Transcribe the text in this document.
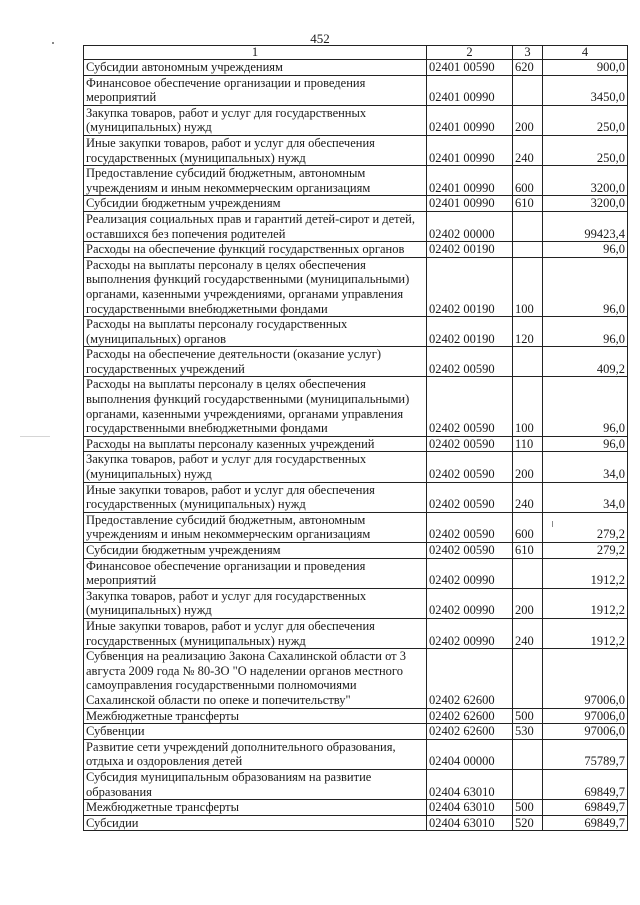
452
1	2	3	4
Субсидии автономным учреждениям	02401 00590	620	900,0
Финансовое обеспечение организации и проведения мероприятий	02401 00990		3450,0
Закупка товаров, работ и услуг для государственных (муниципальных) нужд	02401 00990	200	250,0
Иные закупки товаров, работ и услуг для обеспечения государственных (муниципальных) нужд	02401 00990	240	250,0
Предоставление субсидий бюджетным, автономным учреждениям и иным некоммерческим организациям	02401 00990	600	3200,0
Субсидии бюджетным учреждениям	02401 00990	610	3200,0
Реализация социальных прав и гарантий детей-сирот и детей, оставшихся без попечения родителей	02402 00000		99423,4
Расходы на обеспечение функций государственных органов	02402 00190		96,0
Расходы на выплаты персоналу в целях обеспечения выполнения функций государственными (муниципальными) органами, казенными учреждениями, органами управления государственными внебюджетными фондами	02402 00190	100	96,0
Расходы на выплаты персоналу государственных (муниципальных) органов	02402 00190	120	96,0
Расходы на обеспечение деятельности (оказание услуг) государственных учреждений	02402 00590		409,2
Расходы на выплаты персоналу в целях обеспечения выполнения функций государственными (муниципальными) органами, казенными учреждениями, органами управления государственными внебюджетными фондами	02402 00590	100	96,0
Расходы на выплаты персоналу казенных учреждений	02402 00590	110	96,0
Закупка товаров, работ и услуг для государственных (муниципальных) нужд	02402 00590	200	34,0
Иные закупки товаров, работ и услуг для обеспечения государственных (муниципальных) нужд	02402 00590	240	34,0
Предоставление субсидий бюджетным, автономным учреждениям и иным некоммерческим организациям	02402 00590	600	279,2
Субсидии бюджетным учреждениям	02402 00590	610	279,2
Финансовое обеспечение организации и проведения мероприятий	02402 00990		1912,2
Закупка товаров, работ и услуг для государственных (муниципальных) нужд	02402 00990	200	1912,2
Иные закупки товаров, работ и услуг для обеспечения государственных (муниципальных) нужд	02402 00990	240	1912,2
Субвенция на реализацию Закона Сахалинской области от 3 августа 2009 года № 80-ЗО "О наделении органов местного самоуправления государственными полномочиями Сахалинской области по опеке и попечительству"	02402 62600		97006,0
Межбюджетные трансферты	02402 62600	500	97006,0
Субвенции	02402 62600	530	97006,0
Развитие сети учреждений дополнительного образования, отдыха и оздоровления детей	02404 00000		75789,7
Субсидия муниципальным образованиям на развитие образования	02404 63010		69849,7
Межбюджетные трансферты	02404 63010	500	69849,7
Субсидии	02404 63010	520	69849,7
